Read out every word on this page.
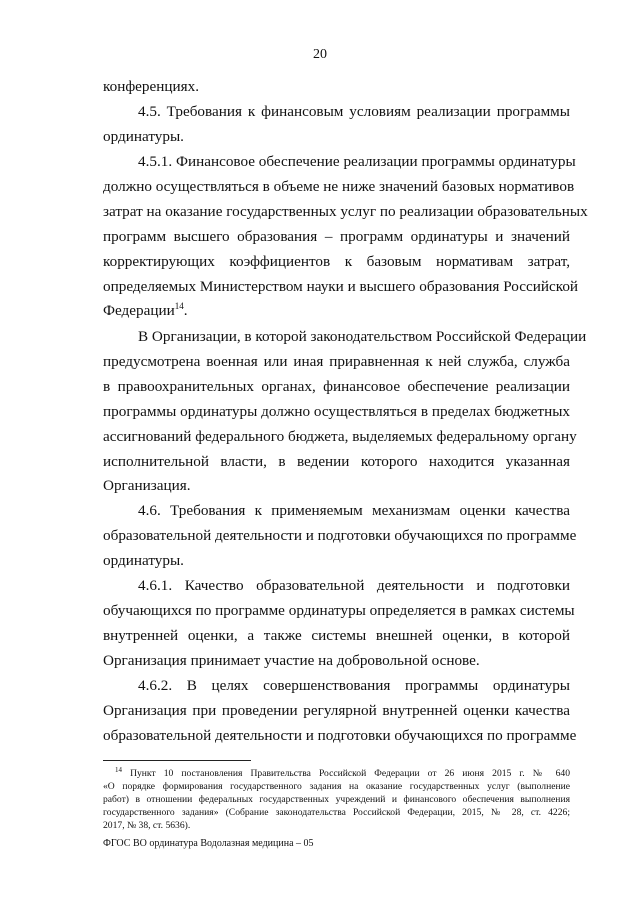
20
конференциях.
4.5. Требования к финансовым условиям реализации программы
ординатуры.
4.5.1. Финансовое обеспечение реализации программы ординатуры
должно осуществляться в объеме не ниже значений базовых нормативов
затрат на оказание государственных услуг по реализации образовательных
программ высшего образования – программ ординатуры и значений
корректирующих коэффициентов к базовым нормативам затрат,
определяемых Министерством науки и высшего образования Российской
Федерации$^{14}$.
В Организации, в которой законодательством Российской Федерации
предусмотрена военная или иная приравненная к ней служба, служба
в правоохранительных органах, финансовое обеспечение реализации
программы ординатуры должно осуществляться в пределах бюджетных
ассигнований федерального бюджета, выделяемых федеральному органу
исполнительной власти, в ведении которого находится указанная
Организация.
4.6. Требования к применяемым механизмам оценки качества
образовательной деятельности и подготовки обучающихся по программе
ординатуры.
4.6.1. Качество образовательной деятельности и подготовки
обучающихся по программе ординатуры определяется в рамках системы
внутренней оценки, а также системы внешней оценки, в которой
Организация принимает участие на добровольной основе.
4.6.2. В целях совершенствования программы ординатуры
Организация при проведении регулярной внутренней оценки качества
образовательной деятельности и подготовки обучающихся по программе
$^{14}$ Пункт 10 постановления Правительства Российской Федерации от 26 июня 2015 г. № 640
«О порядке формирования государственного задания на оказание государственных услуг (выполнение
работ) в отношении федеральных государственных учреждений и финансового обеспечения выполнения
государственного задания» (Собрание законодательства Российской Федерации, 2015, № 28, ст. 4226;
2017, № 38, ст. 5636).
ФГОС ВО ординатура Водолазная медицина – 05
